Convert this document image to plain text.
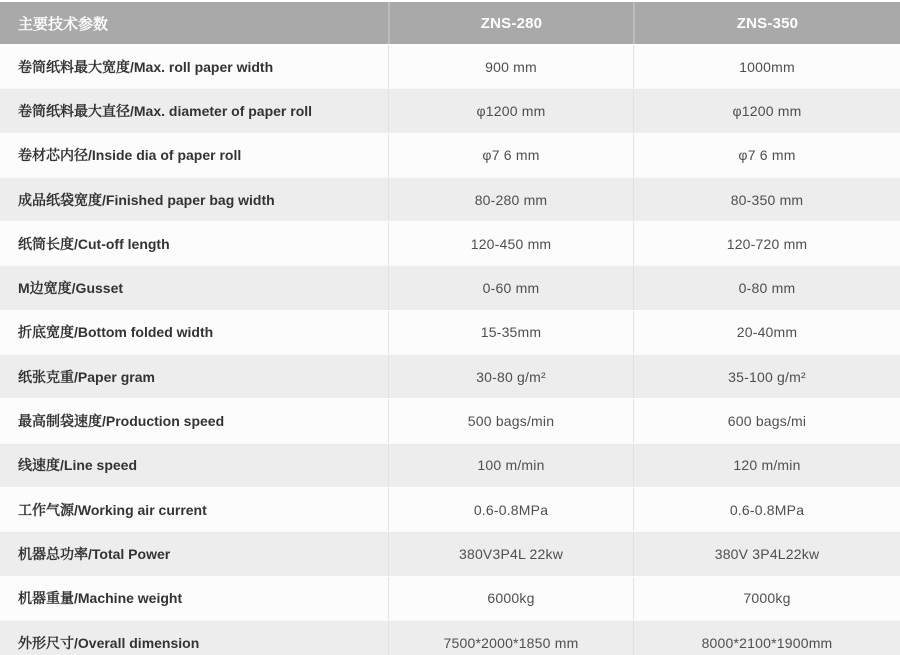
主要技术参数	ZNS-280	ZNS-350
卷筒纸料最大宽度/Max. roll paper width	900 mm	1000mm
卷筒纸料最大直径/Max. diameter of paper roll	φ1200 mm	φ1200 mm
卷材芯内径/Inside dia of paper roll	φ7 6 mm	φ7 6 mm
成品纸袋宽度/Finished paper bag width	80-280 mm	80-350 mm
纸筒长度/Cut-off length	120-450 mm	120-720 mm
M边宽度/Gusset	0-60 mm	0-80 mm
折底宽度/Bottom folded width	15-35mm	20-40mm
纸张克重/Paper gram	30-80 g/m²	35-100 g/m²
最高制袋速度/Production speed	500 bags/min	600 bags/mi
线速度/Line speed	100 m/min	120 m/min
工作气源/Working air current	0.6-0.8MPa	0.6-0.8MPa
机器总功率/Total Power	380V3P4L 22kw	380V 3P4L22kw
机器重量/Machine weight	6000kg	7000kg
外形尺寸/Overall dimension	7500*2000*1850 mm	8000*2100*1900mm
